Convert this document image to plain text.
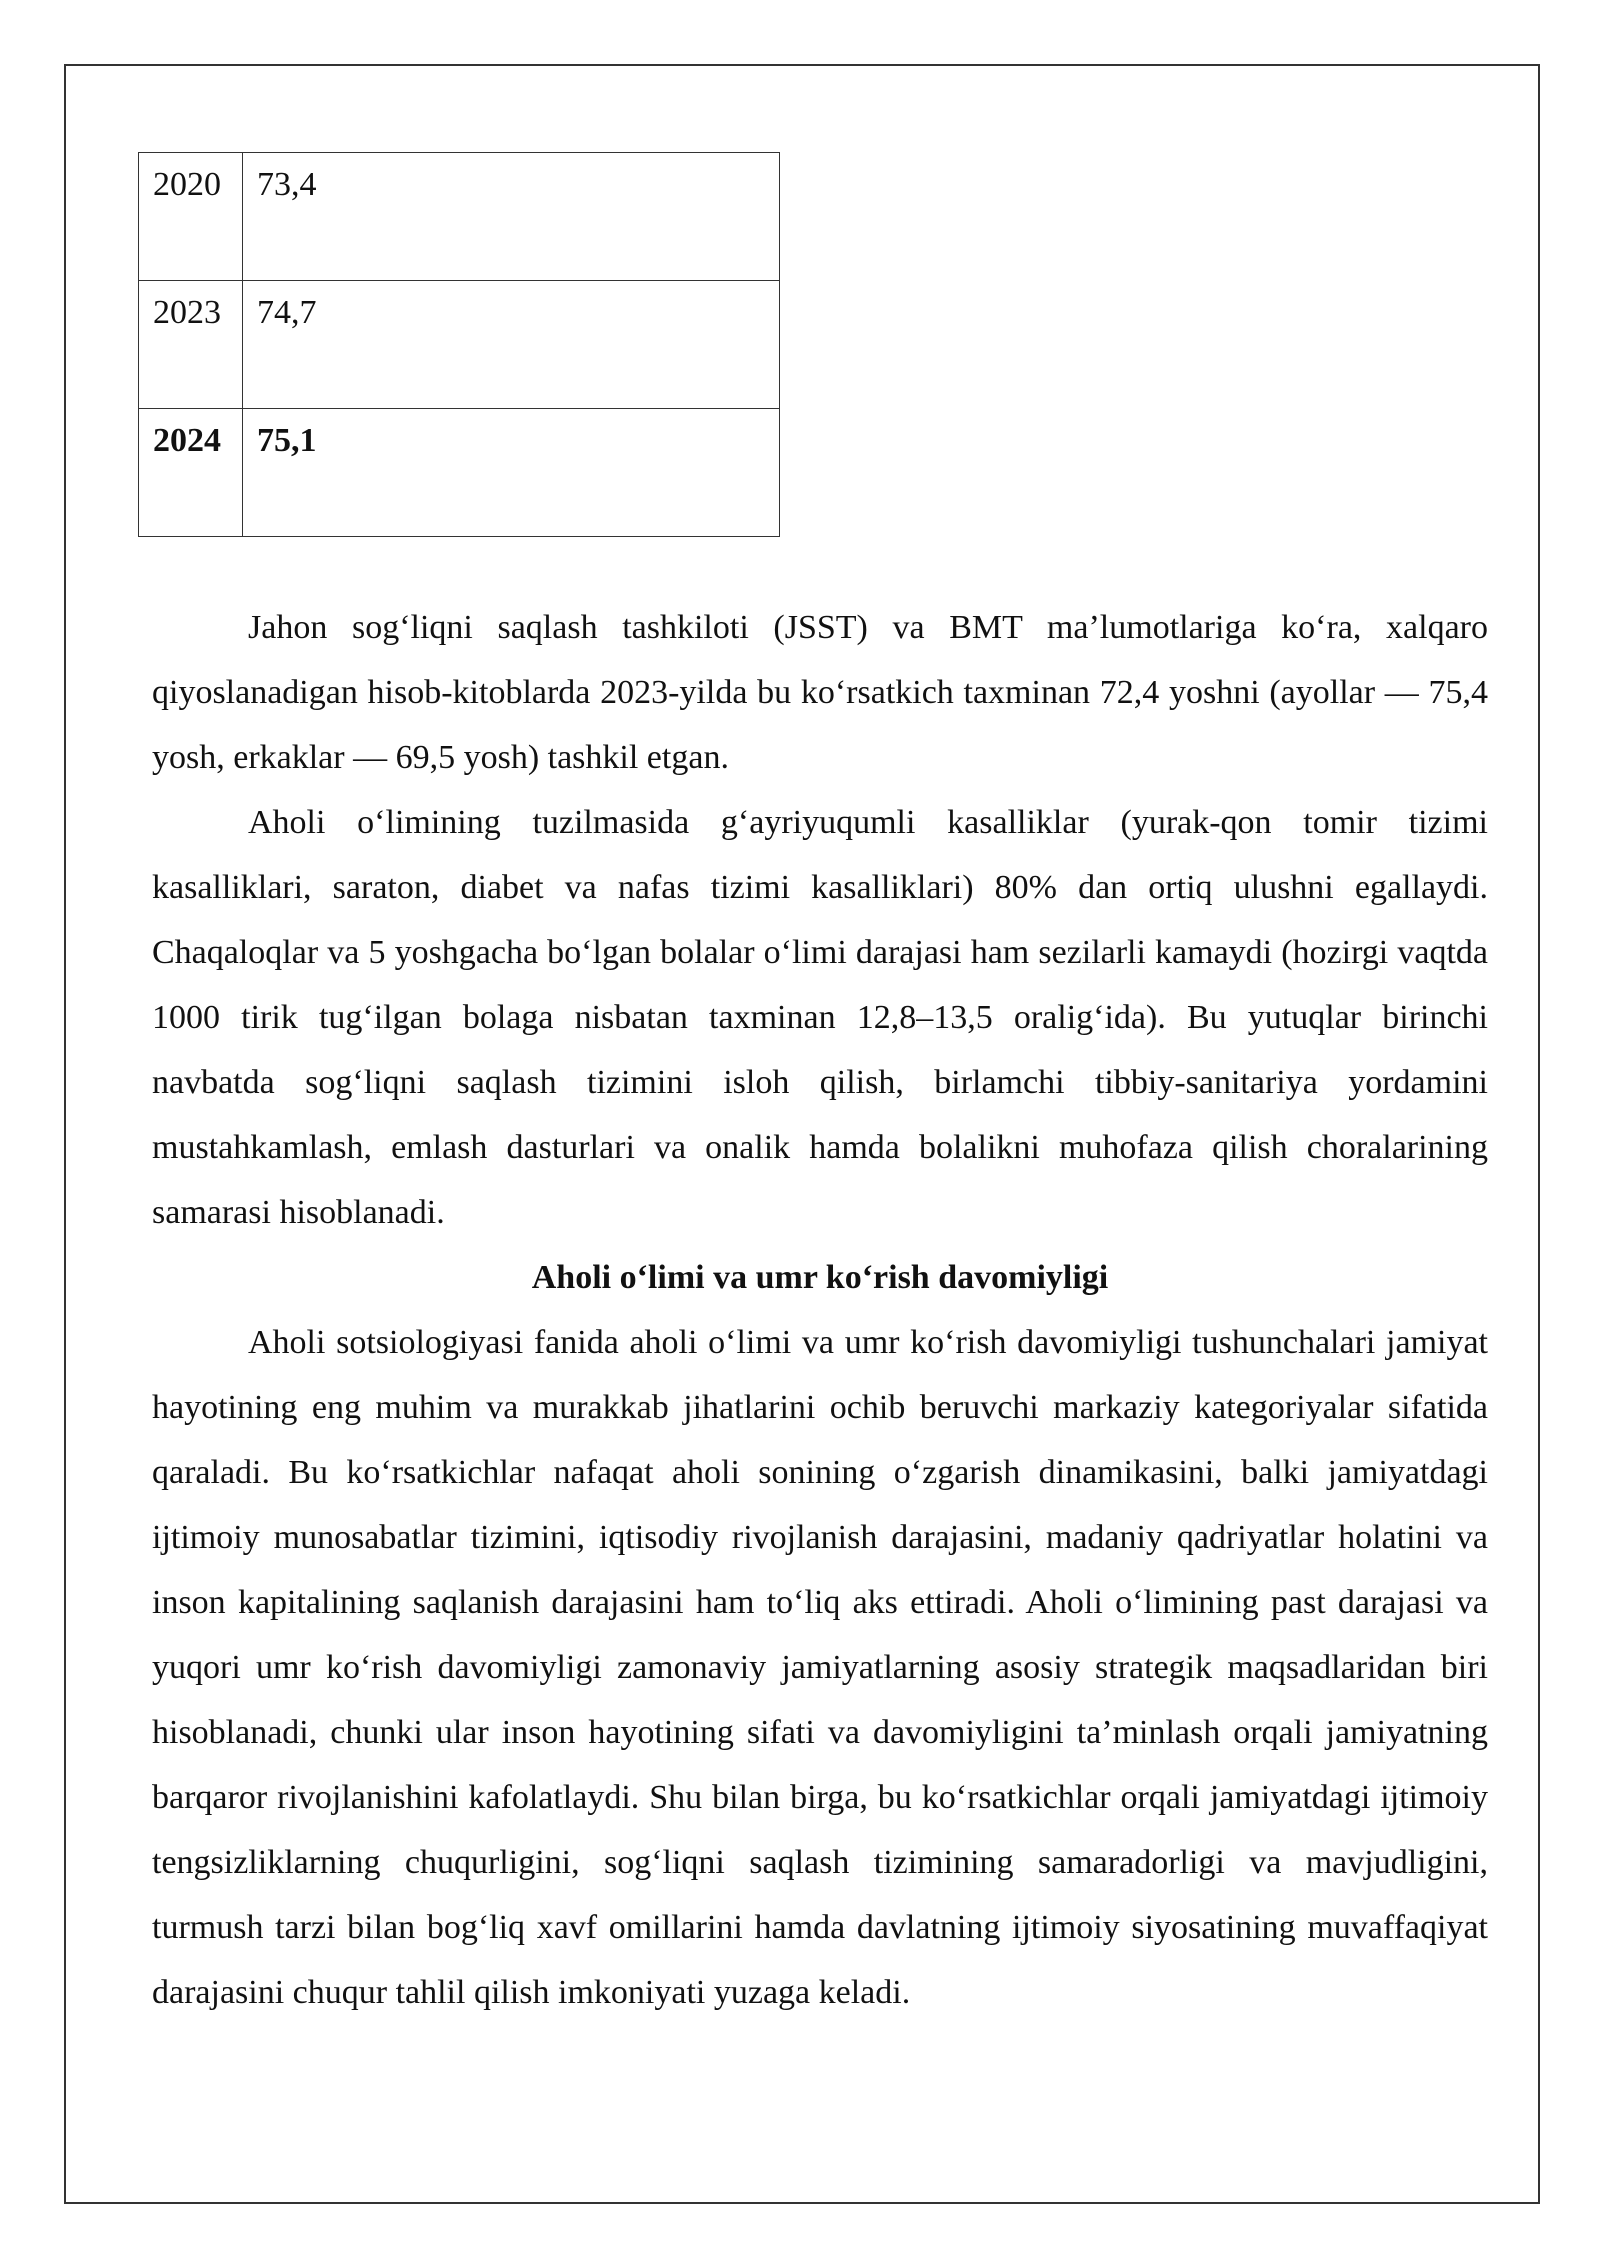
2020	73,4
2023	74,7
2024	75,1

Jahon sog‘liqni saqlash tashkiloti (JSST) va BMT ma’lumotlariga ko‘ra, xalqaro qiyoslanadigan hisob-kitoblarda 2023-yilda bu ko‘rsatkich taxminan 72,4 yoshni (ayollar — 75,4 yosh, erkaklar — 69,5 yosh) tashkil etgan.

Aholi o‘limining tuzilmasida g‘ayriyuqumli kasalliklar (yurak-qon tomir tizimi kasalliklari, saraton, diabet va nafas tizimi kasalliklari) 80% dan ortiq ulushni egallaydi. Chaqaloqlar va 5 yoshgacha bo‘lgan bolalar o‘limi darajasi ham sezilarli kamaydi (hozirgi vaqtda 1000 tirik tug‘ilgan bolaga nisbatan taxminan 12,8–13,5 oralig‘ida). Bu yutuqlar birinchi navbatda sog‘liqni saqlash tizimini isloh qilish, birlamchi tibbiy-sanitariya yordamini mustahkamlash, emlash dasturlari va onalik hamda bolalikni muhofaza qilish choralarining samarasi hisoblanadi.

Aholi o‘limi va umr ko‘rish davomiyligi

Aholi sotsiologiyasi fanida aholi o‘limi va umr ko‘rish davomiyligi tushunchalari jamiyat hayotining eng muhim va murakkab jihatlarini ochib beruvchi markaziy kategoriyalar sifatida qaraladi. Bu ko‘rsatkichlar nafaqat aholi sonining o‘zgarish dinamikasini, balki jamiyatdagi ijtimoiy munosabatlar tizimini, iqtisodiy rivojlanish darajasini, madaniy qadriyatlar holatini va inson kapitalining saqlanish darajasini ham to‘liq aks ettiradi. Aholi o‘limining past darajasi va yuqori umr ko‘rish davomiyligi zamonaviy jamiyatlarning asosiy strategik maqsadlaridan biri hisoblanadi, chunki ular inson hayotining sifati va davomiyligini ta’minlash orqali jamiyatning barqaror rivojlanishini kafolatlaydi. Shu bilan birga, bu ko‘rsatkichlar orqali jamiyatdagi ijtimoiy tengsizliklarning chuqurligini, sog‘liqni saqlash tizimining samaradorligi va mavjudligini, turmush tarzi bilan bog‘liq xavf omillarini hamda davlatning ijtimoiy siyosatining muvaffaqiyat darajasini chuqur tahlil qilish imkoniyati yuzaga keladi.
